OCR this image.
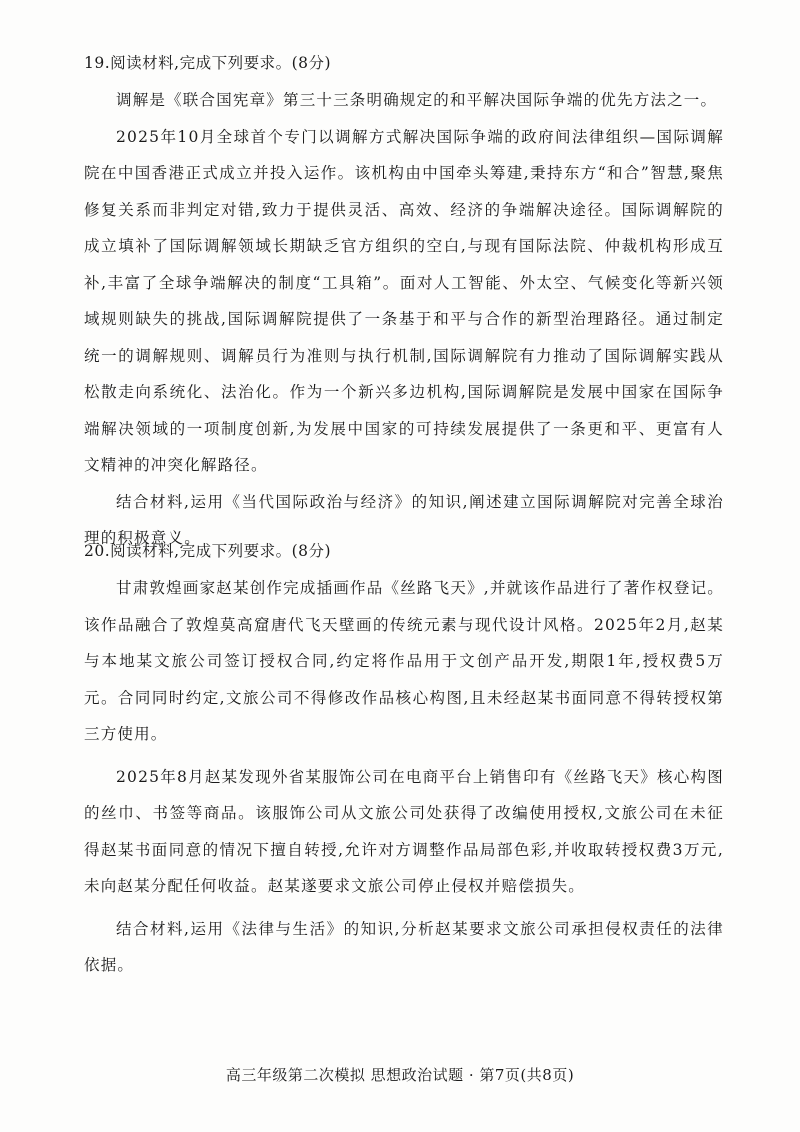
19.阅读材料,完成下列要求。(8分)

调解是《联合国宪章》第三十三条明确规定的和平解决国际争端的优先方法之一。

2025年10月全球首个专门以调解方式解决国际争端的政府间法律组织—国际调解院在中国香港正式成立并投入运作。该机构由中国牵头筹建,秉持东方“和合”智慧,聚焦修复关系而非判定对错,致力于提供灵活、高效、经济的争端解决途径。国际调解院的成立填补了国际调解领域长期缺乏官方组织的空白,与现有国际法院、仲裁机构形成互补,丰富了全球争端解决的制度“工具箱”。面对人工智能、外太空、气候变化等新兴领域规则缺失的挑战,国际调解院提供了一条基于和平与合作的新型治理路径。通过制定统一的调解规则、调解员行为准则与执行机制,国际调解院有力推动了国际调解实践从松散走向系统化、法治化。作为一个新兴多边机构,国际调解院是发展中国家在国际争端解决领域的一项制度创新,为发展中国家的可持续发展提供了一条更和平、更富有人文精神的冲突化解路径。

结合材料,运用《当代国际政治与经济》的知识,阐述建立国际调解院对完善全球治理的积极意义。

20.阅读材料,完成下列要求。(8分)

甘肃敦煌画家赵某创作完成插画作品《丝路飞天》,并就该作品进行了著作权登记。该作品融合了敦煌莫高窟唐代飞天壁画的传统元素与现代设计风格。2025年2月,赵某与本地某文旅公司签订授权合同,约定将作品用于文创产品开发,期限1年,授权费5万元。合同同时约定,文旅公司不得修改作品核心构图,且未经赵某书面同意不得转授权第三方使用。

2025年8月赵某发现外省某服饰公司在电商平台上销售印有《丝路飞天》核心构图的丝巾、书签等商品。该服饰公司从文旅公司处获得了改编使用授权,文旅公司在未征得赵某书面同意的情况下擅自转授,允许对方调整作品局部色彩,并收取转授权费3万元,未向赵某分配任何收益。赵某遂要求文旅公司停止侵权并赔偿损失。

结合材料,运用《法律与生活》的知识,分析赵某要求文旅公司承担侵权责任的法律依据。

高三年级第二次模拟 思想政治试题 · 第7页(共8页)
